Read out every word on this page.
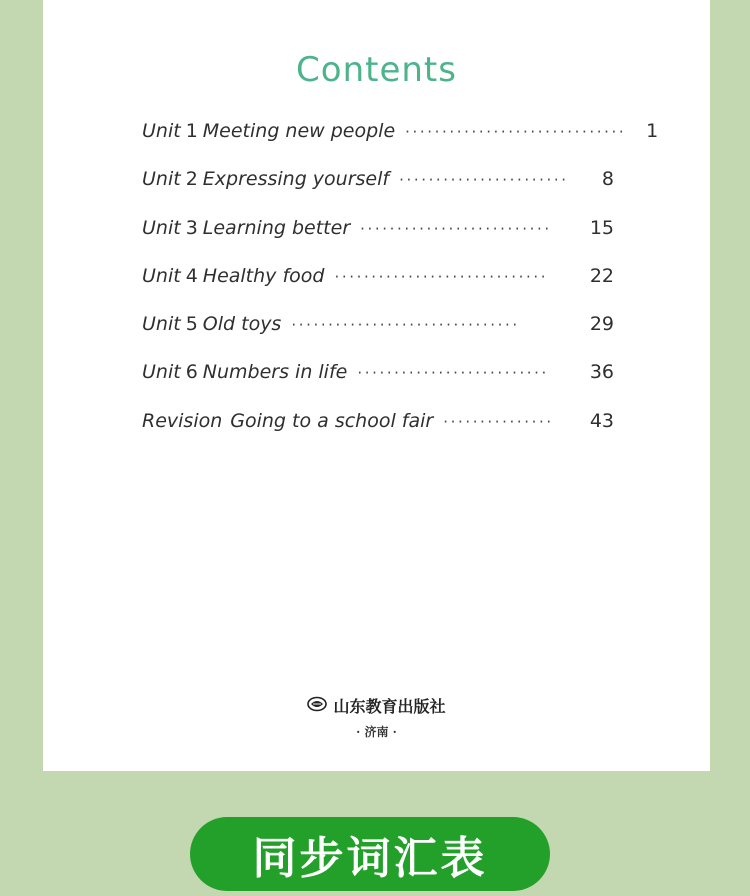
Contents
Unit 1 Meeting new people ······························	1
Unit 2 Expressing yourself ·······················	8
Unit 3 Learning better ··························	15
Unit 4 Healthy food ·····························	22
Unit 5 Old toys ·······························	29
Unit 6 Numbers in life ··························	36
Revision Going to a school fair ···············	43
山东教育出版社
· 济南 ·
同步词汇表
